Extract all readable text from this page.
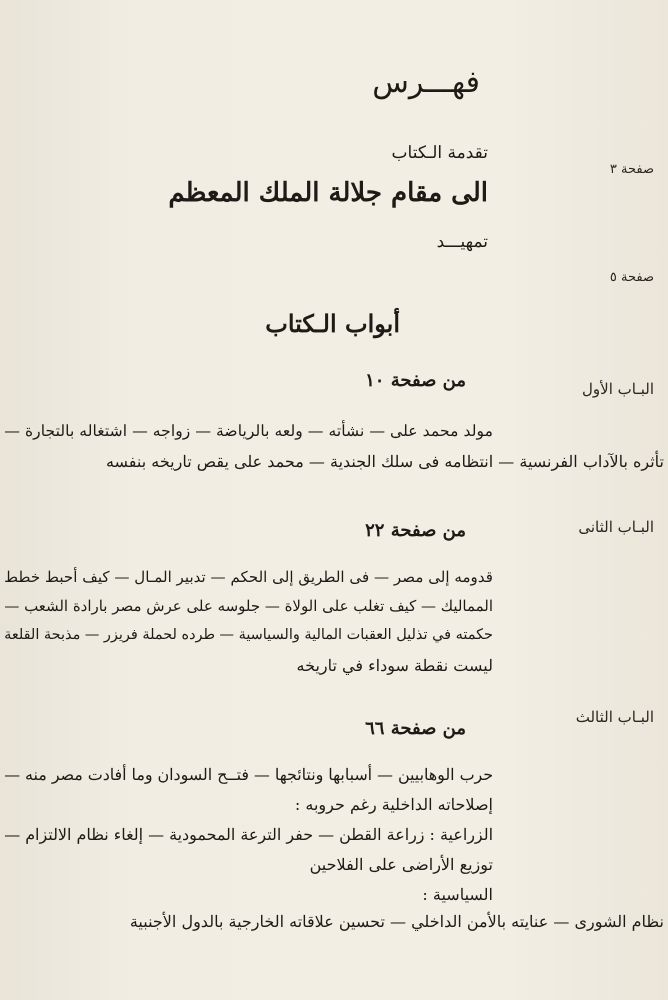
فهـــرس
تقدمة الـكتاب
صفحة ٣
الى مقام جلالة الملك المعظم
تمهيـــد
صفحة ٥
أبواب الـكتاب
البـاب الأول
من صفحة ١٠
مولد محمد على — نشأته — ولعه بالرياضة — زواجه — اشتغاله بالتجارة —
تأثره بالآداب الفرنسية — انتظامه فى سلك الجندية — محمد على يقص تاريخه بنفسه
البـاب الثانى
من صفحة ٢٢
قدومه إلى مصر — فى الطريق إلى الحكم — تدبير المـال — كيف أحبط خطط
المماليك — كيف تغلب على الولاة — جلوسه على عرش مصر بارادة الشعب —
حكمته في تذليل العقبات المالية والسياسية — طرده لحملة فريزر — مذبحة القلعة
ليست نقطة سوداء في تاريخه
البـاب الثالث
من صفحة ٦٦
حرب الوهابيين — أسبابها ونتائجها — فتــح السودان وما أفادت مصر منه —
إصلاحاته الداخلية رغم حروبه :
الزراعية : زراعة القطن — حفر الترعة المحمودية — إلغاء نظام الالتزام —
توزيع الأراضى على الفلاحين
السياسية :
نظام الشورى — عنايته بالأمن الداخلي — تحسين علاقاته الخارجية بالدول الأجنبية
